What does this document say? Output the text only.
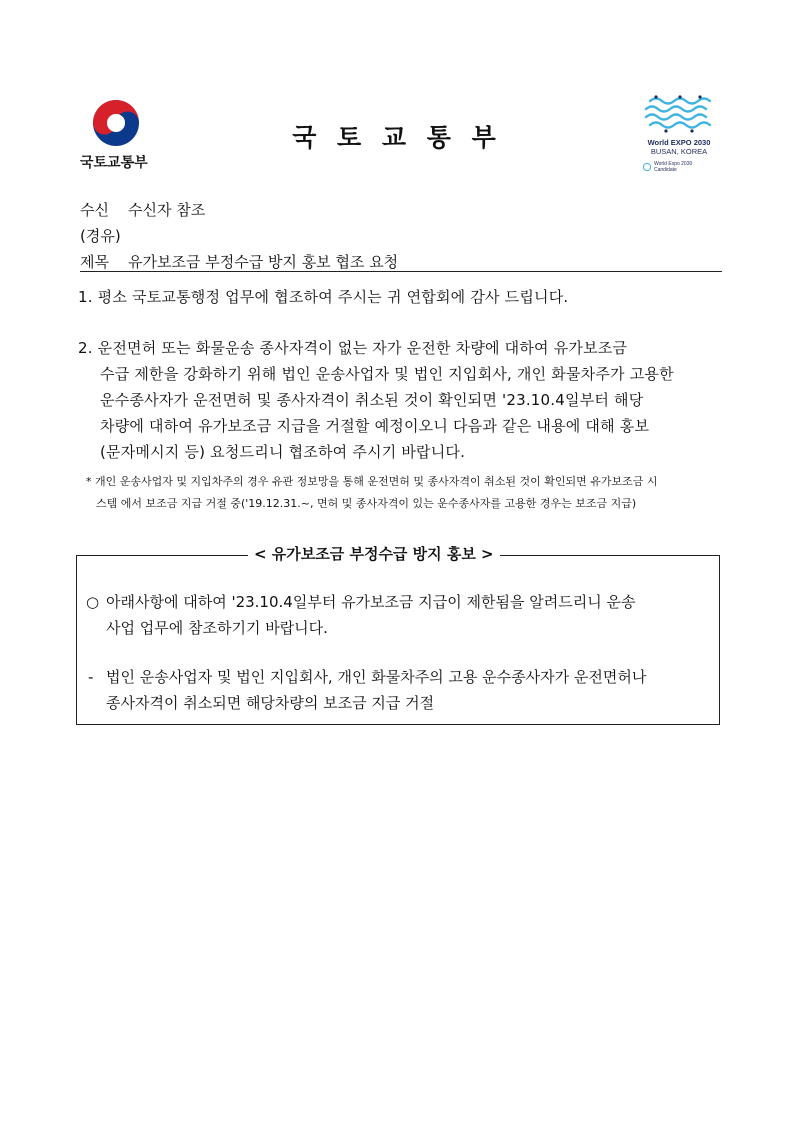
국토교통부
국 토 교 통 부	World EXPO 2030
BUSAN, KOREA
World Expo 2030
Candidate
수신 수신자 참조
(경유)
제목 유가보조금 부정수급 방지 홍보 협조 요청
1. 평소 국토교통행정 업무에 협조하여 주시는 귀 연합회에 감사 드립니다.
2. 운전면허 또는 화물운송 종사자격이 없는 자가 운전한 차량에 대하여 유가보조금
수급 제한을 강화하기 위해 법인 운송사업자 및 법인 지입회사, 개인 화물차주가 고용한
운수종사자가 운전면허 및 종사자격이 취소된 것이 확인되면 '23.10.4일부터 해당
차량에 대하여 유가보조금 지급을 거절할 예정이오니 다음과 같은 내용에 대해 홍보
(문자메시지 등) 요청드리니 협조하여 주시기 바랍니다.
* 개인 운송사업자 및 지입차주의 경우 유관 정보망을 통해 운전면허 및 종사자격이 취소된 것이 확인되면 유가보조금 시
스템 에서 보조금 지급 거절 중('19.12.31.~, 면허 및 종사자격이 있는 운수종사자를 고용한 경우는 보조금 지급)
< 유가보조금 부정수급 방지 홍보 >
○ 아래사항에 대하여 '23.10.4일부터 유가보조금 지급이 제한됨을 알려드리니 운송
사업 업무에 참조하기기 바랍니다.
- 법인 운송사업자 및 법인 지입회사, 개인 화물차주의 고용 운수종사자가 운전면허나
종사자격이 취소되면 해당차량의 보조금 지급 거절
